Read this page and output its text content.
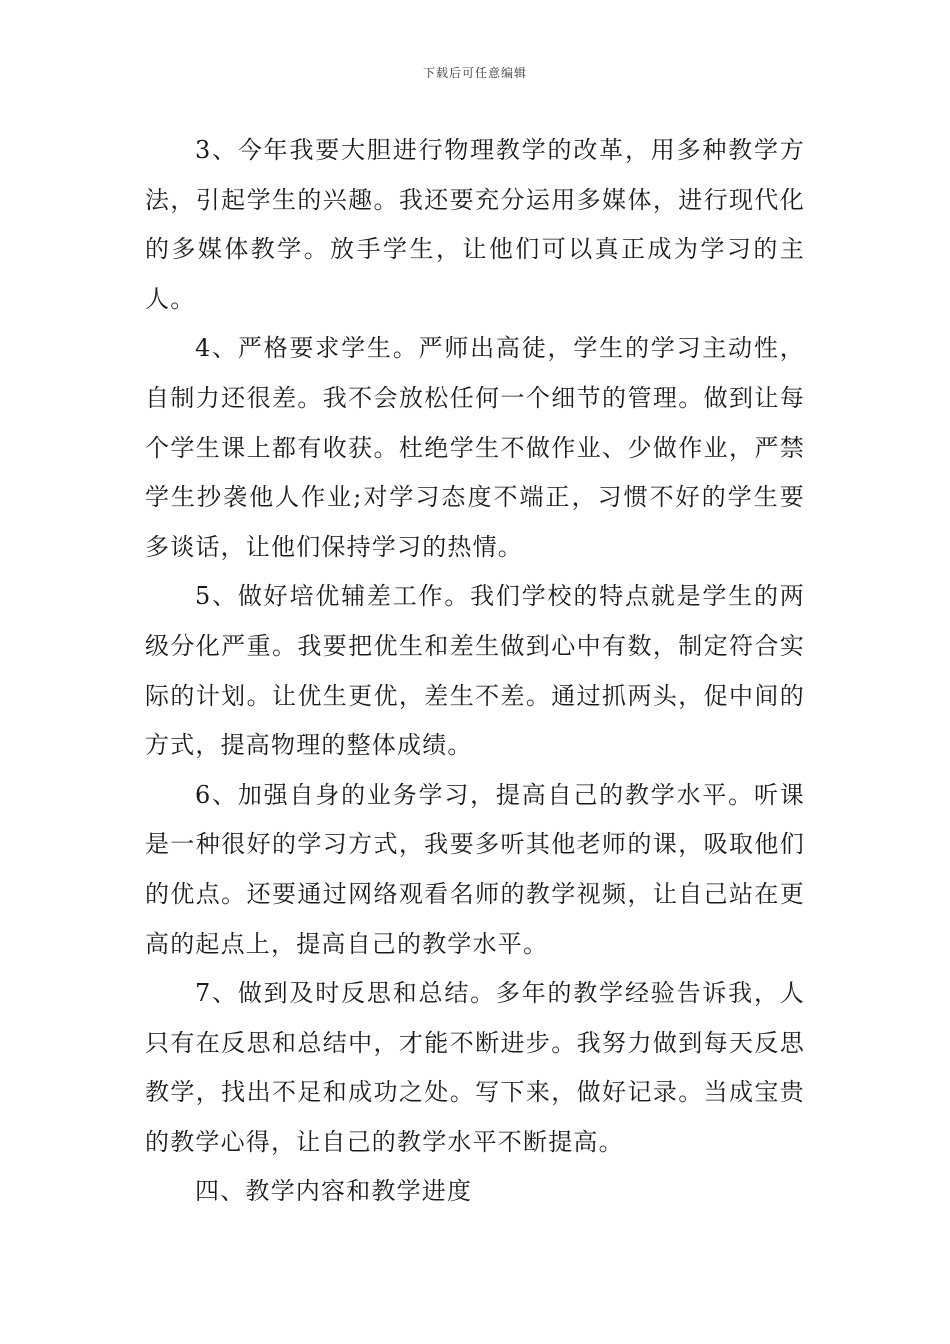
下载后可任意编辑

3、今年我要大胆进行物理教学的改革，用多种教学方法，引起学生的兴趣。我还要充分运用多媒体，进行现代化的多媒体教学。放手学生，让他们可以真正成为学习的主人。

4、严格要求学生。严师出高徒，学生的学习主动性，自制力还很差。我不会放松任何一个细节的管理。做到让每个学生课上都有收获。杜绝学生不做作业、少做作业，严禁学生抄袭他人作业;对学习态度不端正，习惯不好的学生要多谈话，让他们保持学习的热情。

5、做好培优辅差工作。我们学校的特点就是学生的两级分化严重。我要把优生和差生做到心中有数，制定符合实际的计划。让优生更优，差生不差。通过抓两头，促中间的方式，提高物理的整体成绩。

6、加强自身的业务学习，提高自己的教学水平。听课是一种很好的学习方式，我要多听其他老师的课，吸取他们的优点。还要通过网络观看名师的教学视频，让自己站在更高的起点上，提高自己的教学水平。

7、做到及时反思和总结。多年的教学经验告诉我，人只有在反思和总结中，才能不断进步。我努力做到每天反思教学，找出不足和成功之处。写下来，做好记录。当成宝贵的教学心得，让自己的教学水平不断提高。

四、教学内容和教学进度
